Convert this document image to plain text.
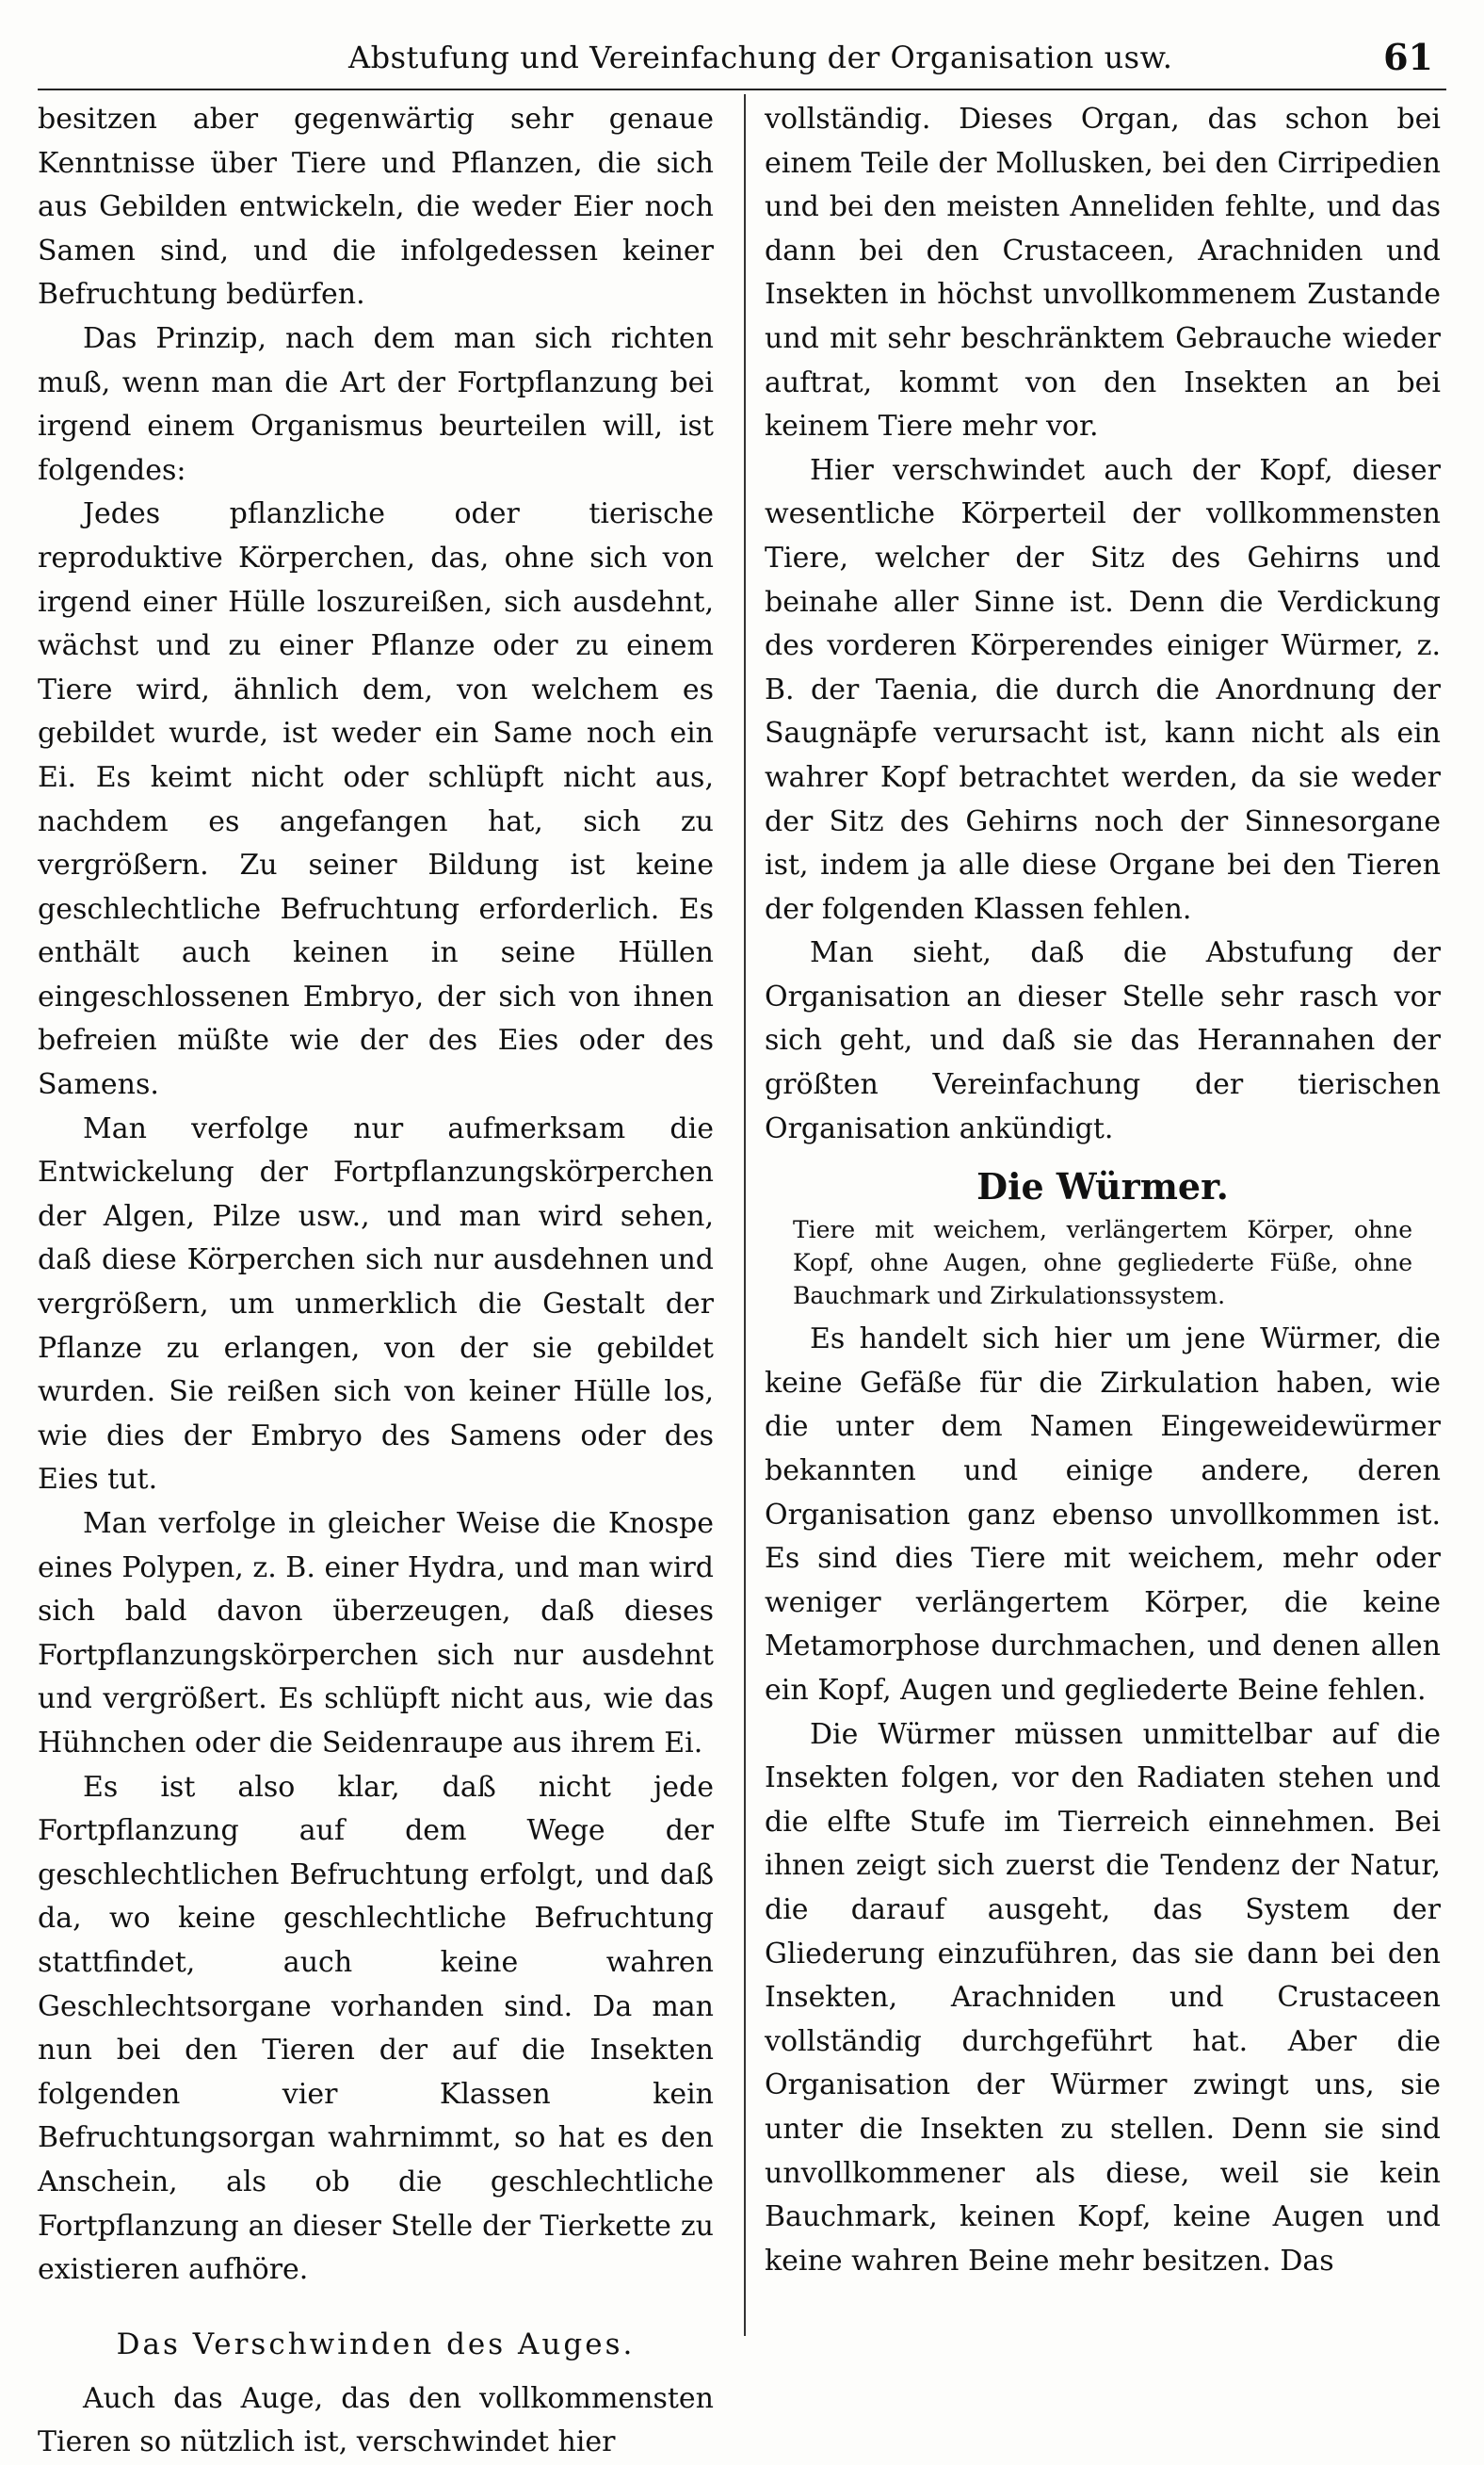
Abstufung und Vereinfachung der Organisation usw.	61

besitzen aber gegenwärtig sehr genaue Kenntnisse über Tiere und Pflanzen, die sich aus Gebilden entwickeln, die weder Eier noch Samen sind, und die infolgedessen keiner Befruchtung bedürfen.

Das Prinzip, nach dem man sich richten muß, wenn man die Art der Fortpflanzung bei irgend einem Organismus beurteilen will, ist folgendes:

Jedes pflanzliche oder tierische reproduktive Körperchen, das, ohne sich von irgend einer Hülle loszureißen, sich ausdehnt, wächst und zu einer Pflanze oder zu einem Tiere wird, ähnlich dem, von welchem es gebildet wurde, ist weder ein Same noch ein Ei. Es keimt nicht oder schlüpft nicht aus, nachdem es angefangen hat, sich zu vergrößern. Zu seiner Bildung ist keine geschlechtliche Befruchtung erforderlich. Es enthält auch keinen in seine Hüllen eingeschlossenen Embryo, der sich von ihnen befreien müßte wie der des Eies oder des Samens.

Man verfolge nur aufmerksam die Entwickelung der Fortpflanzungskörperchen der Algen, Pilze usw., und man wird sehen, daß diese Körperchen sich nur ausdehnen und vergrößern, um unmerklich die Gestalt der Pflanze zu erlangen, von der sie gebildet wurden. Sie reißen sich von keiner Hülle los, wie dies der Embryo des Samens oder des Eies tut.

Man verfolge in gleicher Weise die Knospe eines Polypen, z. B. einer Hydra, und man wird sich bald davon überzeugen, daß dieses Fortpflanzungskörperchen sich nur ausdehnt und vergrößert. Es schlüpft nicht aus, wie das Hühnchen oder die Seidenraupe aus ihrem Ei.

Es ist also klar, daß nicht jede Fortpflanzung auf dem Wege der geschlechtlichen Befruchtung erfolgt, und daß da, wo keine geschlechtliche Befruchtung stattfindet, auch keine wahren Geschlechtsorgane vorhanden sind. Da man nun bei den Tieren der auf die Insekten folgenden vier Klassen kein Befruchtungsorgan wahrnimmt, so hat es den Anschein, als ob die geschlechtliche Fortpflanzung an dieser Stelle der Tierkette zu existieren aufhöre.

Das Verschwinden des Auges.

Auch das Auge, das den vollkommensten Tieren so nützlich ist, verschwindet hier

vollständig. Dieses Organ, das schon bei einem Teile der Mollusken, bei den Cirripedien und bei den meisten Anneliden fehlte, und das dann bei den Crustaceen, Arachniden und Insekten in höchst unvollkommenem Zustande und mit sehr beschränktem Gebrauche wieder auftrat, kommt von den Insekten an bei keinem Tiere mehr vor.

Hier verschwindet auch der Kopf, dieser wesentliche Körperteil der vollkommensten Tiere, welcher der Sitz des Gehirns und beinahe aller Sinne ist. Denn die Verdickung des vorderen Körperendes einiger Würmer, z. B. der Taenia, die durch die Anordnung der Saugnäpfe verursacht ist, kann nicht als ein wahrer Kopf betrachtet werden, da sie weder der Sitz des Gehirns noch der Sinnesorgane ist, indem ja alle diese Organe bei den Tieren der folgenden Klassen fehlen.

Man sieht, daß die Abstufung der Organisation an dieser Stelle sehr rasch vor sich geht, und daß sie das Herannahen der größten Vereinfachung der tierischen Organisation ankündigt.

Die Würmer.

Tiere mit weichem, verlängertem Körper, ohne Kopf, ohne Augen, ohne gegliederte Füße, ohne Bauchmark und Zirkulationssystem.

Es handelt sich hier um jene Würmer, die keine Gefäße für die Zirkulation haben, wie die unter dem Namen Eingeweidewürmer bekannten und einige andere, deren Organisation ganz ebenso unvollkommen ist. Es sind dies Tiere mit weichem, mehr oder weniger verlängertem Körper, die keine Metamorphose durchmachen, und denen allen ein Kopf, Augen und gegliederte Beine fehlen.

Die Würmer müssen unmittelbar auf die Insekten folgen, vor den Radiaten stehen und die elfte Stufe im Tierreich einnehmen. Bei ihnen zeigt sich zuerst die Tendenz der Natur, die darauf ausgeht, das System der Gliederung einzuführen, das sie dann bei den Insekten, Arachniden und Crustaceen vollständig durchgeführt hat. Aber die Organisation der Würmer zwingt uns, sie unter die Insekten zu stellen. Denn sie sind unvollkommener als diese, weil sie kein Bauchmark, keinen Kopf, keine Augen und keine wahren Beine mehr besitzen. Das
